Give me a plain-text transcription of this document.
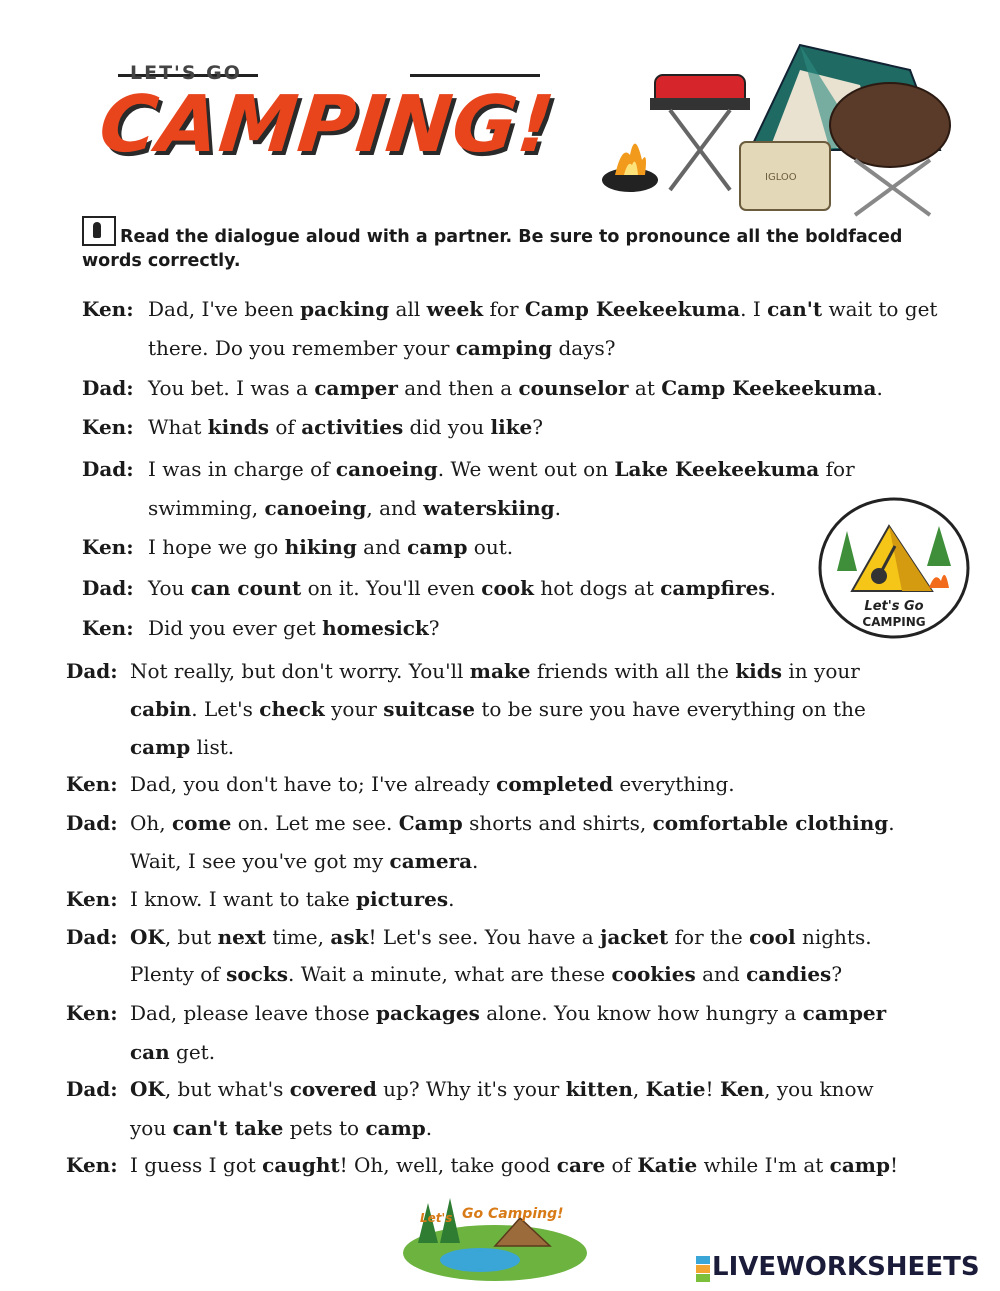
LET'S GO
CAMPING!
IGLOO
Read the dialogue aloud with a partner. Be sure to pronounce all the boldfaced words correctly.
Let's Go
CAMPING
Ken: Dad, I've been packing all week for Camp Keekeekuma. I can't wait to get
there. Do you remember your camping days?
Dad: You bet. I was a camper and then a counselor at Camp Keekeekuma.
Ken: What kinds of activities did you like?
Dad: I was in charge of canoeing. We went out on Lake Keekeekuma for
swimming, canoeing, and waterskiing.
Ken: I hope we go hiking and camp out.
Dad: You can count on it. You'll even cook hot dogs at campfires.
Ken: Did you ever get homesick?
Dad: Not really, but don't worry. You'll make friends with all the kids in your
cabin. Let's check your suitcase to be sure you have everything on the
camp list.
Ken: Dad, you don't have to; I've already completed everything.
Dad: Oh, come on. Let me see. Camp shorts and shirts, comfortable clothing.
Wait, I see you've got my camera.
Ken: I know. I want to take pictures.
Dad: OK, but next time, ask! Let's see. You have a jacket for the cool nights.
Plenty of socks. Wait a minute, what are these cookies and candies?
Ken: Dad, please leave those packages alone. You know how hungry a camper
can get.
Dad: OK, but what's covered up? Why it's your kitten, Katie! Ken, you know
you can't take pets to camp.
Ken: I guess I got caught! Oh, well, take good care of Katie while I'm at camp!
Let's Go Camping!
LIVEWORKSHEETS
